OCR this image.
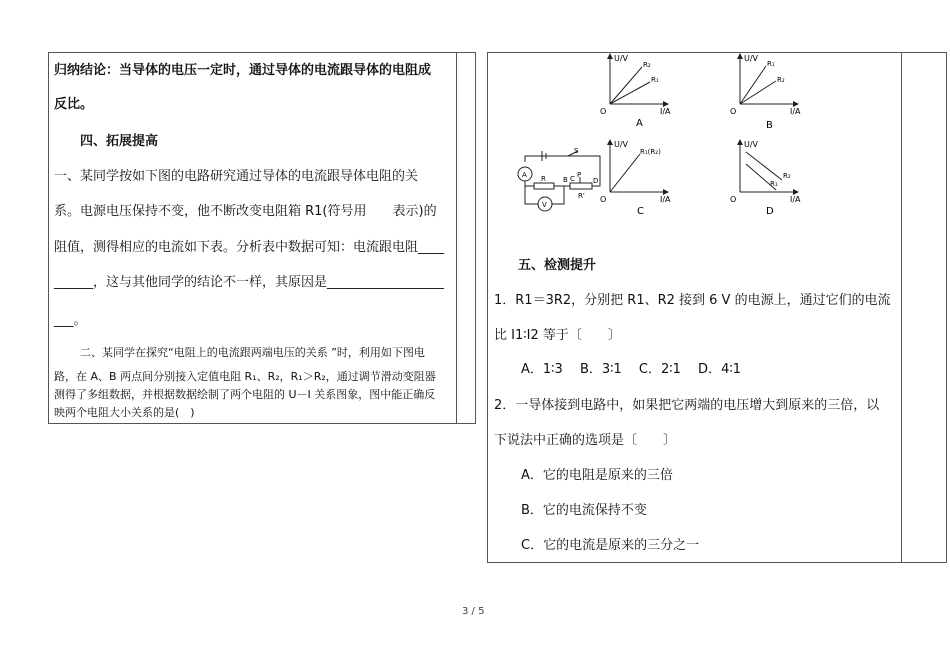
归纳结论：当导体的电压一定时，通过导体的电流跟导体的电阻成
反比。
四、拓展提高
一、某同学按如下图的电路研究通过导体的电流跟导体电阻的关
系。电源电压保持不变，他不断改变电阻箱 R1(符号用　　表示)的
阻值，测得相应的电流如下表。分析表中数据可知：电流跟电阻____
______，这与其他同学的结论不一样，其原因是__________________
___。
二、某同学在探究“电阻上的电流跟两端电压的关系 ”时，利用如下图电
路，在 A、B 两点间分别接入定值电阻 R₁、R₂，R₁＞R₂，通过调节滑动变阻器
测得了多组数据，并根据数据绘制了两个电阻的 U－I 关系图象，图中能正确反
映两个电阻大小关系的是(　)
U/V
I/A
O
R₂
R₁
A
U/V
I/A
O
R₁
R₂
B
S
A
V
R B C P
D
R'
U/V
I/A
O
R₁(R₂)
C
U/V
I/A
O
R₂
R₁
D
五、检测提升
1．R1＝3R2，分别把 R1、R2 接到 6 V 的电源上，通过它们的电流
比 I1∶I2 等于〔　　〕
A．1∶3　 B．3∶1　 C．2∶1　 D．4∶1
2．一导体接到电路中，如果把它两端的电压增大到原来的三倍，以
下说法中正确的选项是〔　　〕
A．它的电阻是原来的三倍
B．它的电流保持不变
C．它的电流是原来的三分之一
3 / 5
